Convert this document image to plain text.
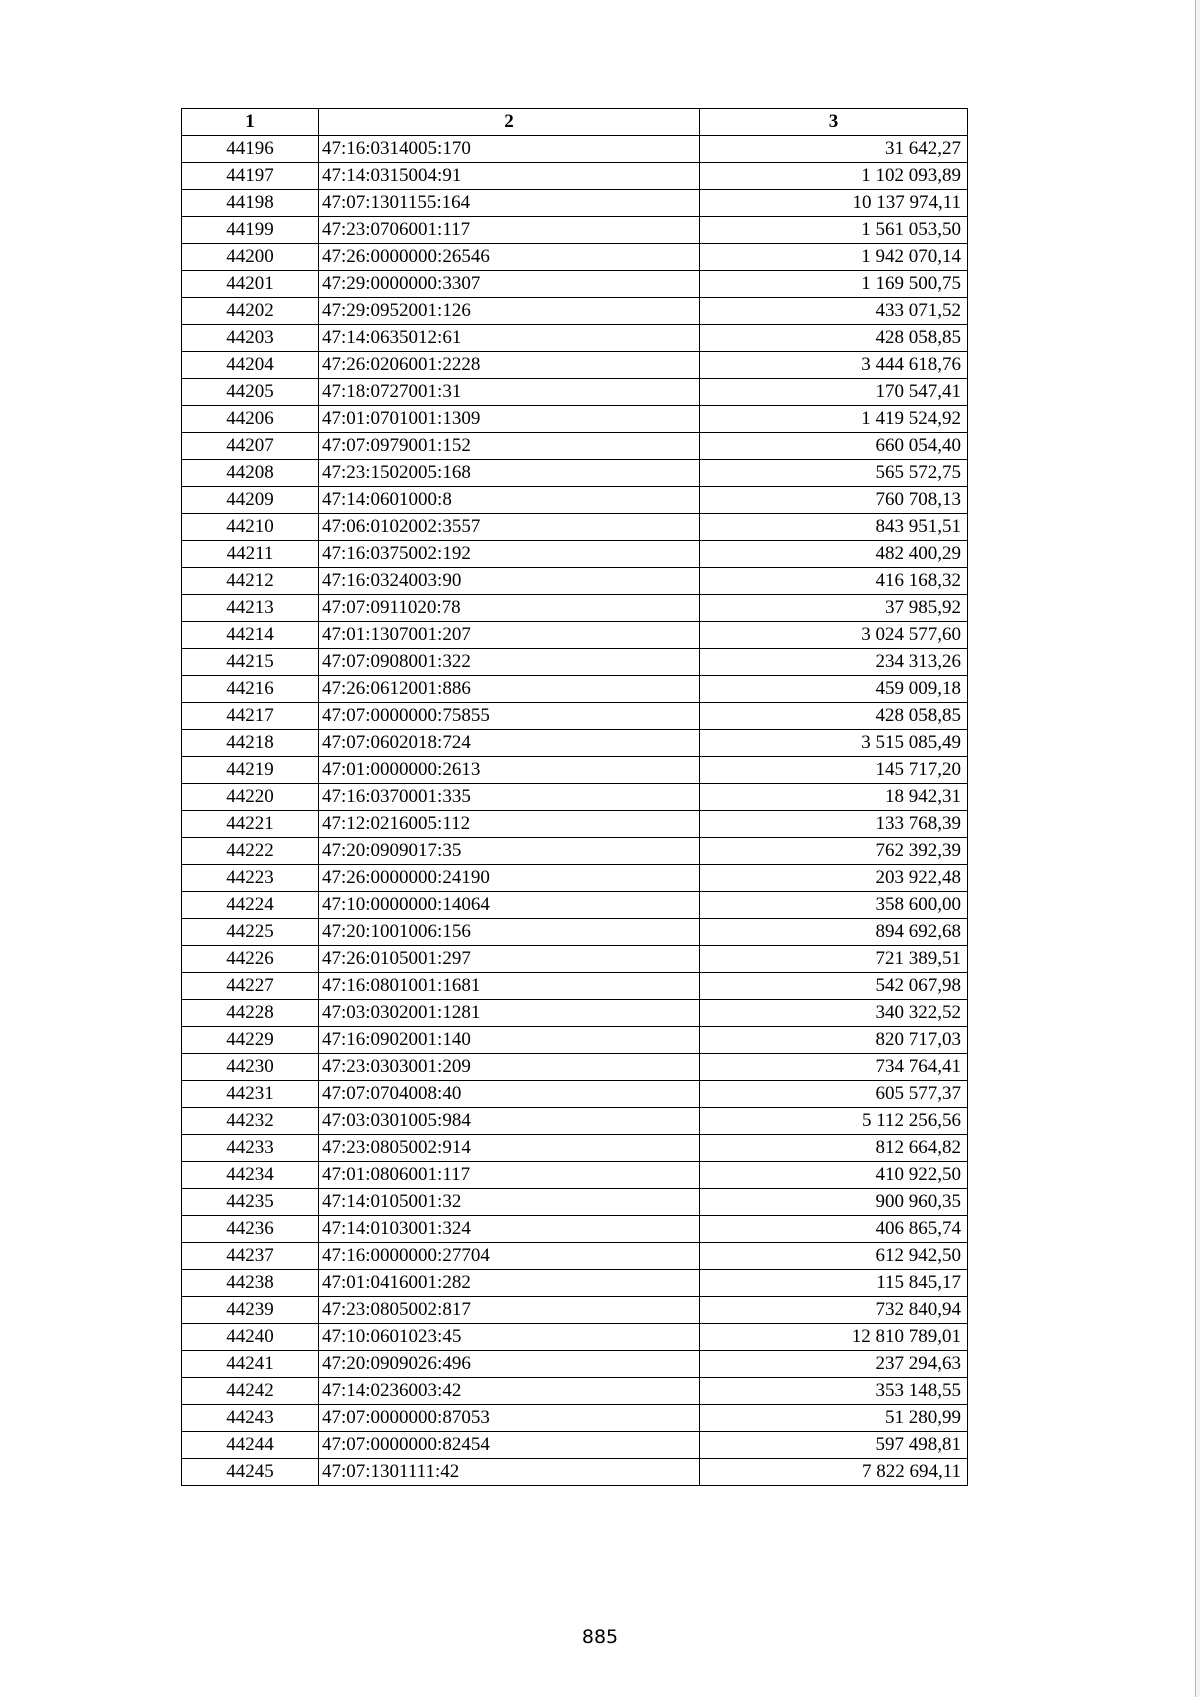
1	2	3
44196	47:16:0314005:170	31 642,27
44197	47:14:0315004:91	1 102 093,89
44198	47:07:1301155:164	10 137 974,11
44199	47:23:0706001:117	1 561 053,50
44200	47:26:0000000:26546	1 942 070,14
44201	47:29:0000000:3307	1 169 500,75
44202	47:29:0952001:126	433 071,52
44203	47:14:0635012:61	428 058,85
44204	47:26:0206001:2228	3 444 618,76
44205	47:18:0727001:31	170 547,41
44206	47:01:0701001:1309	1 419 524,92
44207	47:07:0979001:152	660 054,40
44208	47:23:1502005:168	565 572,75
44209	47:14:0601000:8	760 708,13
44210	47:06:0102002:3557	843 951,51
44211	47:16:0375002:192	482 400,29
44212	47:16:0324003:90	416 168,32
44213	47:07:0911020:78	37 985,92
44214	47:01:1307001:207	3 024 577,60
44215	47:07:0908001:322	234 313,26
44216	47:26:0612001:886	459 009,18
44217	47:07:0000000:75855	428 058,85
44218	47:07:0602018:724	3 515 085,49
44219	47:01:0000000:2613	145 717,20
44220	47:16:0370001:335	18 942,31
44221	47:12:0216005:112	133 768,39
44222	47:20:0909017:35	762 392,39
44223	47:26:0000000:24190	203 922,48
44224	47:10:0000000:14064	358 600,00
44225	47:20:1001006:156	894 692,68
44226	47:26:0105001:297	721 389,51
44227	47:16:0801001:1681	542 067,98
44228	47:03:0302001:1281	340 322,52
44229	47:16:0902001:140	820 717,03
44230	47:23:0303001:209	734 764,41
44231	47:07:0704008:40	605 577,37
44232	47:03:0301005:984	5 112 256,56
44233	47:23:0805002:914	812 664,82
44234	47:01:0806001:117	410 922,50
44235	47:14:0105001:32	900 960,35
44236	47:14:0103001:324	406 865,74
44237	47:16:0000000:27704	612 942,50
44238	47:01:0416001:282	115 845,17
44239	47:23:0805002:817	732 840,94
44240	47:10:0601023:45	12 810 789,01
44241	47:20:0909026:496	237 294,63
44242	47:14:0236003:42	353 148,55
44243	47:07:0000000:87053	51 280,99
44244	47:07:0000000:82454	597 498,81
44245	47:07:1301111:42	7 822 694,11
885
